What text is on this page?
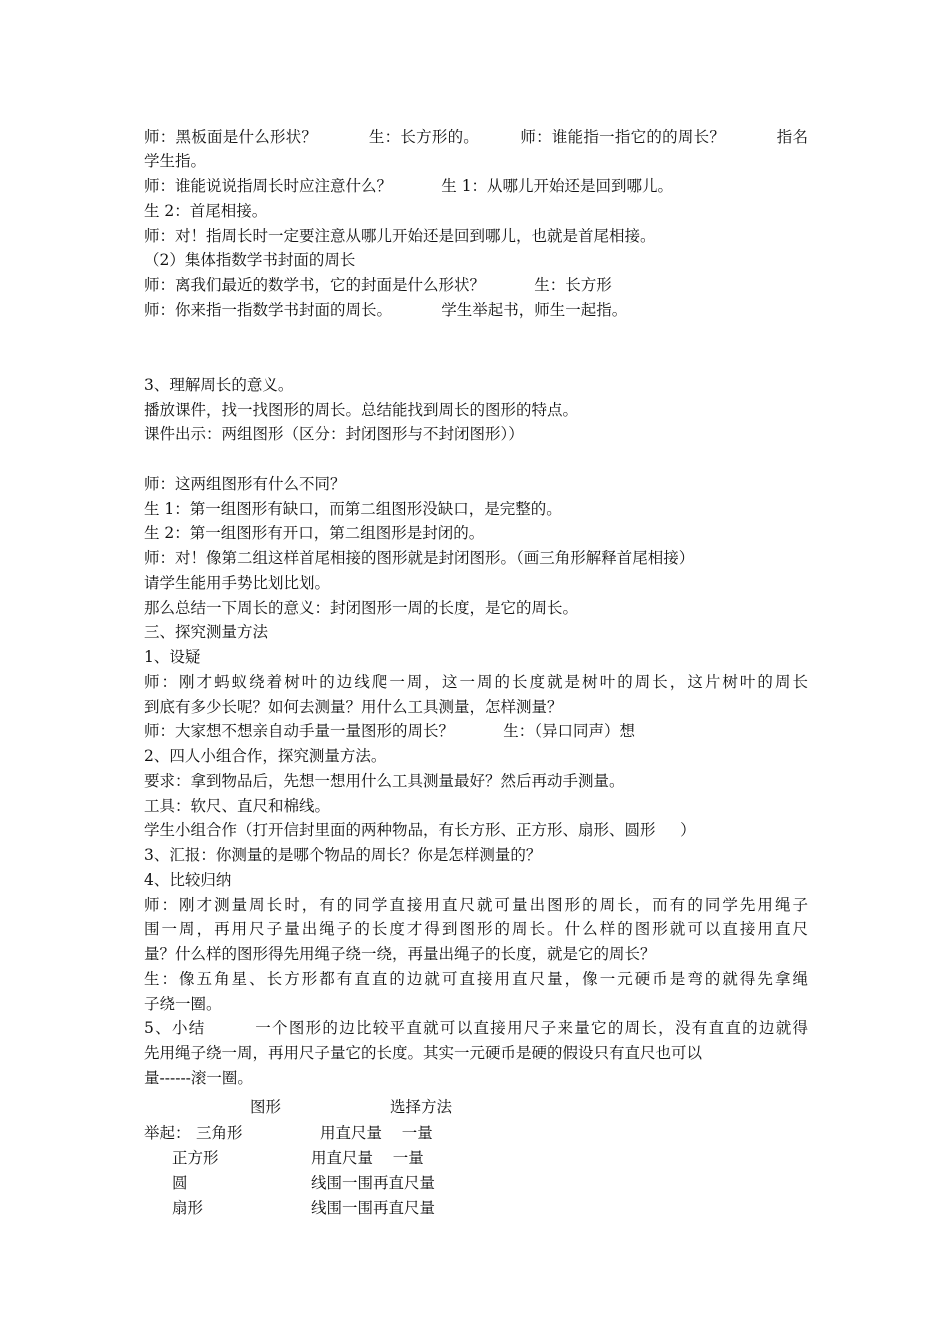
师：黑板面是什么形状？          生：长方形的。        师：谁能指一指它的的周长？          指名
学生指。
师：谁能说说指周长时应注意什么？          生 1：从哪儿开始还是回到哪儿。
生 2：首尾相接。
师：对！指周长时一定要注意从哪儿开始还是回到哪儿，也就是首尾相接。
（2）集体指数学书封面的周长
师：离我们最近的数学书，它的封面是什么形状？          生：长方形
师：你来指一指数学书封面的周长。          学生举起书，师生一起指。
3、理解周长的意义。
播放课件，找一找图形的周长。总结能找到周长的图形的特点。
课件出示：两组图形（区分：封闭图形与不封闭图形））
师：这两组图形有什么不同？
生 1：第一组图形有缺口，而第二组图形没缺口，是完整的。
生 2：第一组图形有开口，第二组图形是封闭的。
师：对！像第二组这样首尾相接的图形就是封闭图形。（画三角形解释首尾相接）
请学生能用手势比划比划。
那么总结一下周长的意义：封闭图形一周的长度，是它的周长。
三、探究测量方法
1、设疑
师：刚才蚂蚁绕着树叶的边线爬一周，这一周的长度就是树叶的周长，这片树叶的周长
到底有多少长呢？如何去测量？用什么工具测量，怎样测量？
师：大家想不想亲自动手量一量图形的周长？          生：（异口同声）想
2、四人小组合作，探究测量方法。
要求：拿到物品后，先想一想用什么工具测量最好？然后再动手测量。
工具：软尺、直尺和棉线。
学生小组合作（打开信封里面的两种物品，有长方形、正方形、扇形、圆形     ）
3、汇报：你测量的是哪个物品的周长？你是怎样测量的？
4、比较归纳
师：刚才测量周长时，有的同学直接用直尺就可量出图形的周长，而有的同学先用绳子
围一周，再用尺子量出绳子的长度才得到图形的周长。什么样的图形就可以直接用直尺
量？什么样的图形得先用绳子绕一绕，再量出绳子的长度，就是它的周长？
生：像五角星、长方形都有直直的边就可直接用直尺量，像一元硬币是弯的就得先拿绳
子绕一圈。
5、小结        一个图形的边比较平直就可以直接用尺子来量它的周长，没有直直的边就得
先用绳子绕一周，再用尺子量它的长度。其实一元硬币是硬的假设只有直尺也可以
量------滚一圈。
图形	选择方法
举起： 三角形	用直尺量    一量
正方形	用直尺量    一量
圆	线围一围再直尺量
扇形	线围一围再直尺量
